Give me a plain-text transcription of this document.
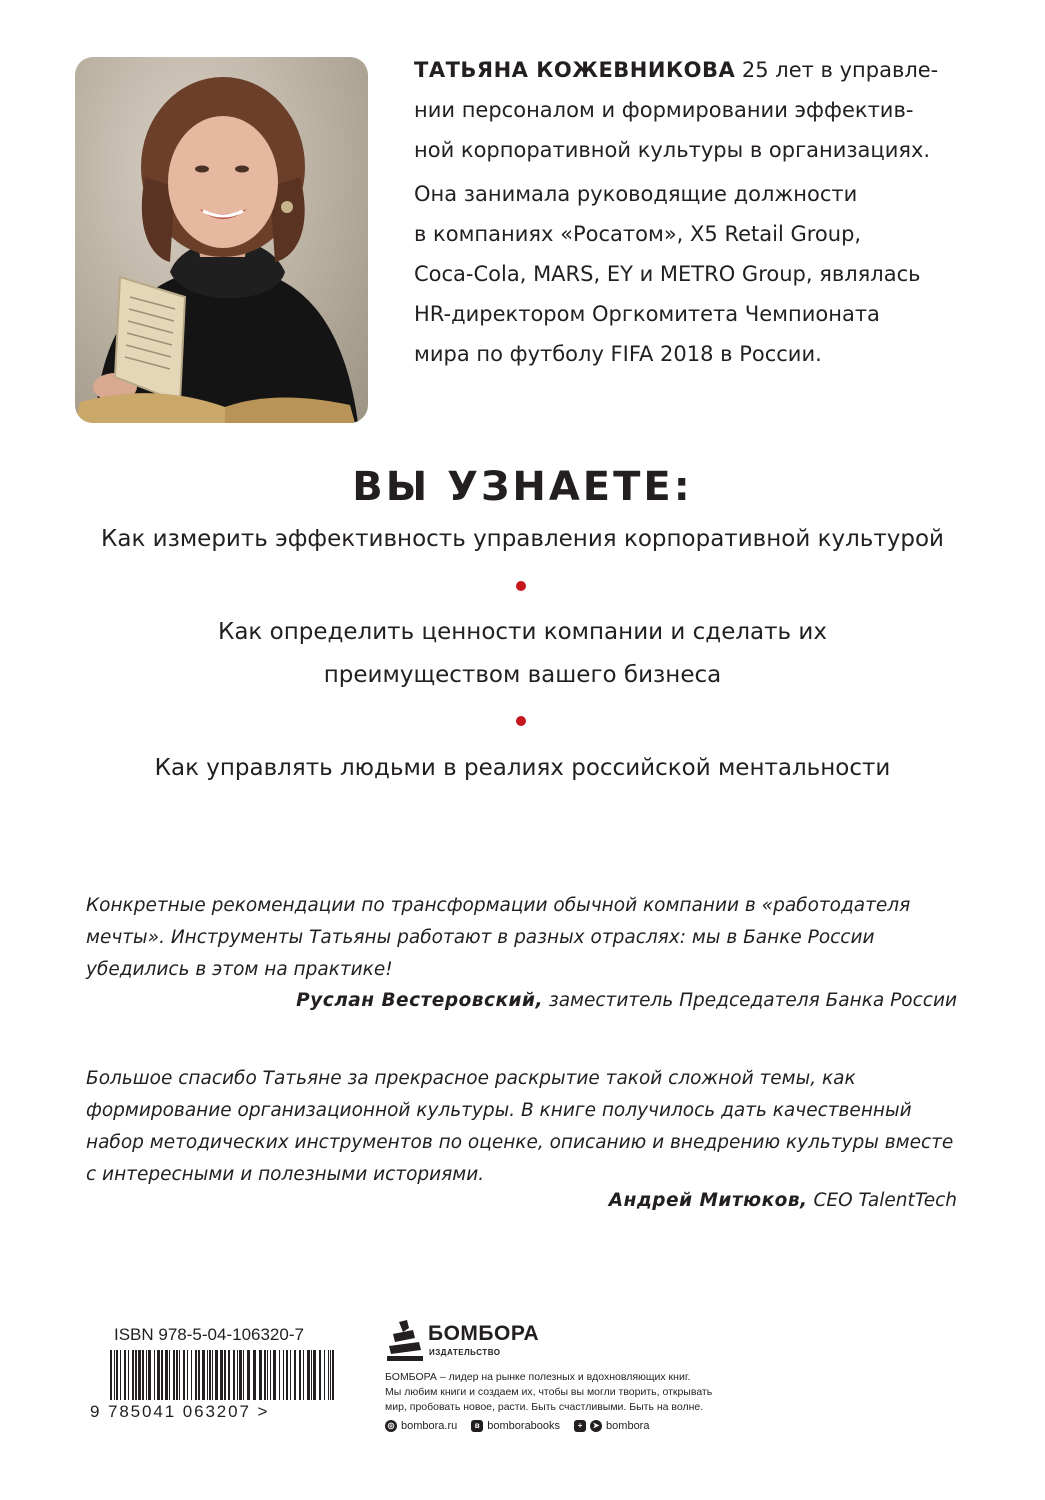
ТАТЬЯНА КОЖЕВНИКОВА 25 лет в управле-
нии персоналом и формировании эффектив-
ной корпоративной культуры в организациях.

Она занимала руководящие должности
в компаниях «Росатом», X5 Retail Group,
Coca-Cola, MARS, EY и METRO Group, являлась
HR-директором Оргкомитета Чемпионата
мира по футболу FIFA 2018 в России.

ВЫ УЗНАЕТЕ:
Как измерить эффективность управления корпоративной культурой
Как определить ценности компании и сделать их
преимуществом вашего бизнеса
Как управлять людьми в реалиях российской ментальности

Конкретные рекомендации по трансформации обычной компании в «работодателя

мечты». Инструменты Татьяны работают в разных отраслях: мы в Банке России

убедились в этом на практике!

Руслан Вестеровский, заместитель Председателя Банка России

Большое спасибо Татьяне за прекрасное раскрытие такой сложной темы, как

формирование организационной культуры. В книге получилось дать качественный

набор методических инструментов по оценке, описанию и внедрению культуры вместе

с интересными и полезными историями.

Андрей Митюков, CEO TalentTech
ISBN 978-5-04-106320-7
9 785041 063207 >
БОМБОРА
ИЗДАТЕЛЬСТВО

БОМБОРА – лидер на рынке полезных и вдохновляющих книг.

Мы любим книги и создаем их, чтобы вы могли творить, открывать

мир, пробовать новое, расти. Быть счастливыми. Быть на волне.

◎ bombora.ru	в bomborabooks	+	➤ bombora
